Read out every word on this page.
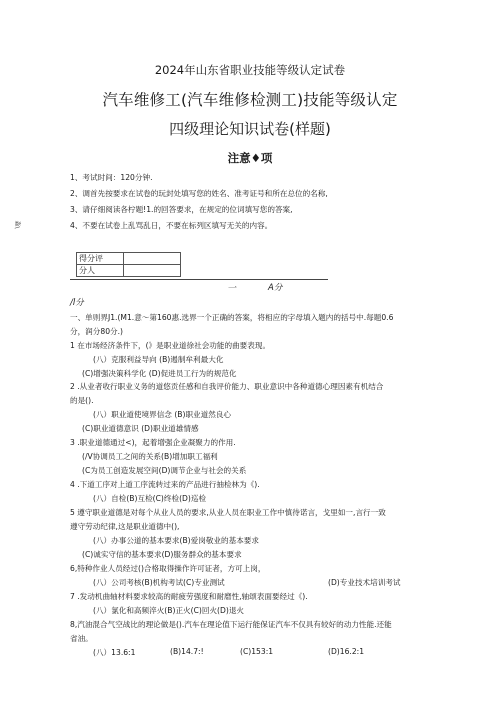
2024年山东省职业技能等级认定试卷
汽车维修工(汽车维修检测工)技能等级认定
四级理论知识试卷(样题)
注意♦项
淼\
1、考试时间：120分钟.
2、调首先按要求在试卷的玩封处填写您的姓名、准考证号和所在总位的名称,
3、请仔细阅读各柠题!1.的回答要求，在规定的位词填写您的答案,
4、不要在试卷上乱骂乱日，不要在标列区填写无关的内容。
得分评	
分人	
一	A分
/l分
一、单则界J1.(M1.意～第160惠.选界一个正确的答案，将相应的字母填入题内的括号中.每题0.6
分，润分80分.)
1 在市场经济条件下，(》是职业道徐社会功能的曲要表现。
(八）克服利益导向 (B)遏制牟利最大化
(C)增强决策科学化 (D)促进员工行为的规范化
2 .从业者收行职业义务的道悠贡任感和自我评价能力、职业意识中各种道德心理因素有机结合
的是().
(八）职业道使境界信念 (B)职业道然良心
(C)职业道德意识 (D)职业道雄情感
3 .职业道德通过<)，起着增强企业凝聚力的作用.
(/V协调员工之间的关系(B)增加职工福利
(C为员工创造发展空间(D)调节企业与社会的关系
4 .下道工序对上道工序流转过来的产品进行抽检林为《).
(八）自检(B)互检(C)终检(D)巡检
5 遵守职业道德是对每个从业人员的要求,从业人员在职业工作中慎待诺言，戈里如一,言行一致
遵守劳动纪律,这是职业道德中(),
(八）办事公道的基本要求(B)爱岗敬业的基本要求
(C)诚实守信的基本要求(D)服务群众的基本要求
6,特种作业人员经过()合格取得操作许可证者，方可上岗，
(八）公司考核(B)机构考试(C)专业测试	(D)专业技术培训考试
7 .发动机曲轴材料要求较高的耐疲劳强度和耐磨性,轴颂表面要经过《).
(八）氯化和高频淬火(B)正火(C)回火(D)退火
8,汽油混合气空战比的理论做是().汽车在理论值下运行能保证汽车不仅具有较好的动力性能.还能
省油。
(八）13.6:1	(B)14.7:!	(C)153:1	(D)16.2:1
